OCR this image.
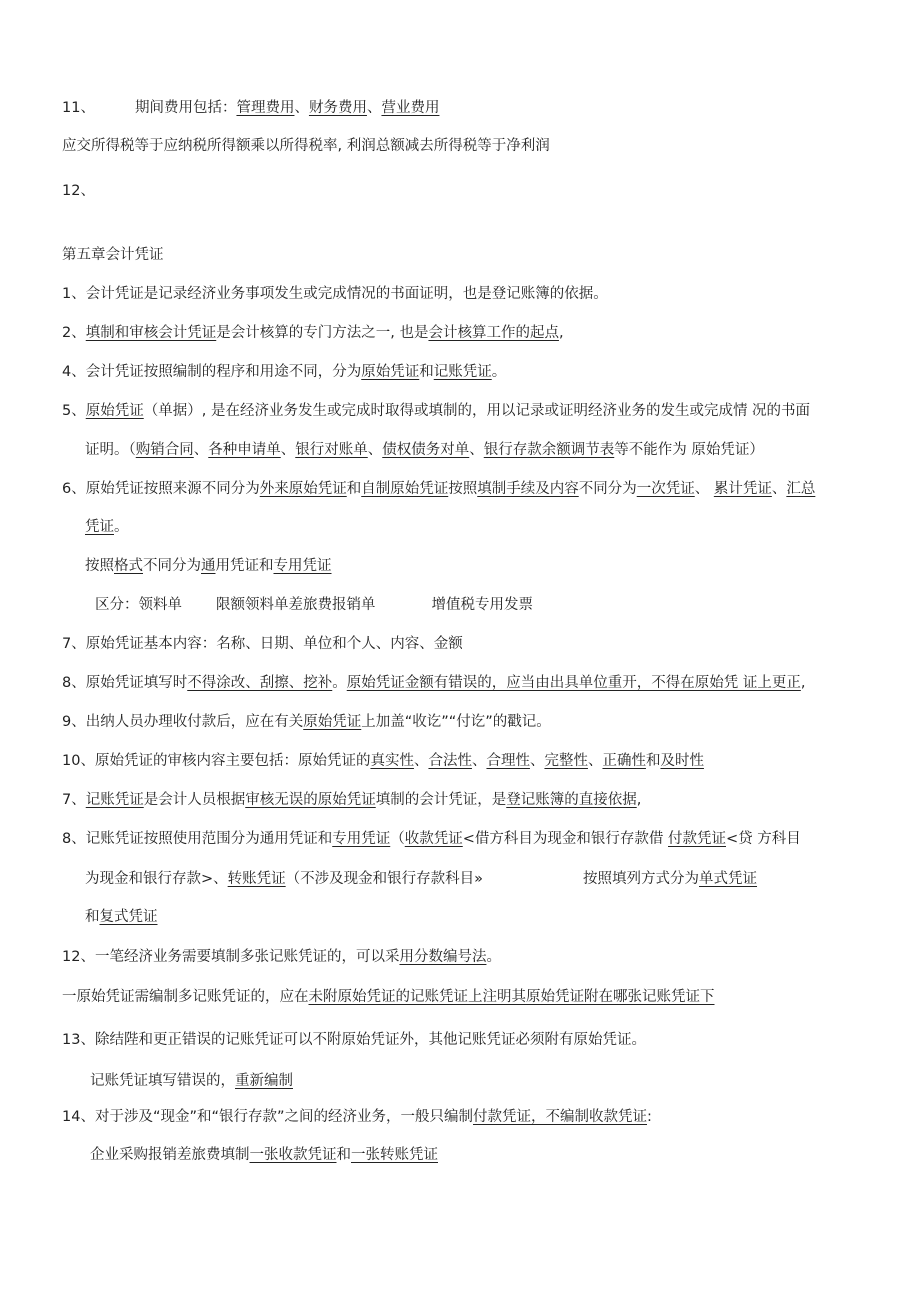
11、	期间费用包括：管理费用、财务费用、营业费用
应交所得税等于应纳税所得额乘以所得税率, 利润总额减去所得税等于净利润
12、
第五章会计凭证
1、会计凭证是记录经济业务事项发生或完成情况的书面证明，也是登记账簿的依据。
2、填制和审核会计凭证是会计核算的专门方法之一, 也是会计核算工作的起点,
4、会计凭证按照编制的程序和用途不同，分为原始凭证和记账凭证。
5、原始凭证（单据）, 是在经济业务发生或完成时取得或填制的，用以记录或证明经济业务的发生或完成情 况的书面
证明。（购销合同、各种申请单、银行对账单、债权债务对单、银行存款余额调节表等不能作为 原始凭证）
6、原始凭证按照来源不同分为外来原始凭证和自制原始凭证按照填制手续及内容不同分为一次凭证、 累计凭证、汇总
凭证。
按照格式不同分为通用凭证和专用凭证
区分：领料单 限额领料单差旅费报销单	增值税专用发票
7、原始凭证基本内容：名称、日期、单位和个人、内容、金额
8、原始凭证填写时不得涂改、刮擦、挖补。原始凭证金额有错误的，应当由出具单位重开，不得在原始凭 证上更正,
9、出纳人员办理收付款后，应在有关原始凭证上加盖“收讫”“付讫”的戳记。
10、原始凭证的审核内容主要包括：原始凭证的真实性、合法性、合理性、完整性、正确性和及时性
7、记账凭证是会计人员根据审核无误的原始凭证填制的会计凭证，是登记账簿的直接依据,
8、记账凭证按照使用范围分为通用凭证和专用凭证（收款凭证<借方科目为现金和银行存款借 付款凭证<贷 方科目
为现金和银行存款>、转账凭证（不涉及现金和银行存款科目»	按照填列方式分为单式凭证
和复式凭证
12、一笔经济业务需要填制多张记账凭证的，可以采用分数编号法。
一原始凭证需编制多记账凭证的，应在未附原始凭证的记账凭证上注明其原始凭证附在哪张记账凭证下
13、除结陛和更正错误的记账凭证可以不附原始凭证外，其他记账凭证必须附有原始凭证。
记账凭证填写错误的，重新编制
14、对于涉及“现金”和“银行存款”之间的经济业务，一般只编制付款凭证，不编制收款凭证:
企业采购报销差旅费填制一张收款凭证和一张转账凭证
